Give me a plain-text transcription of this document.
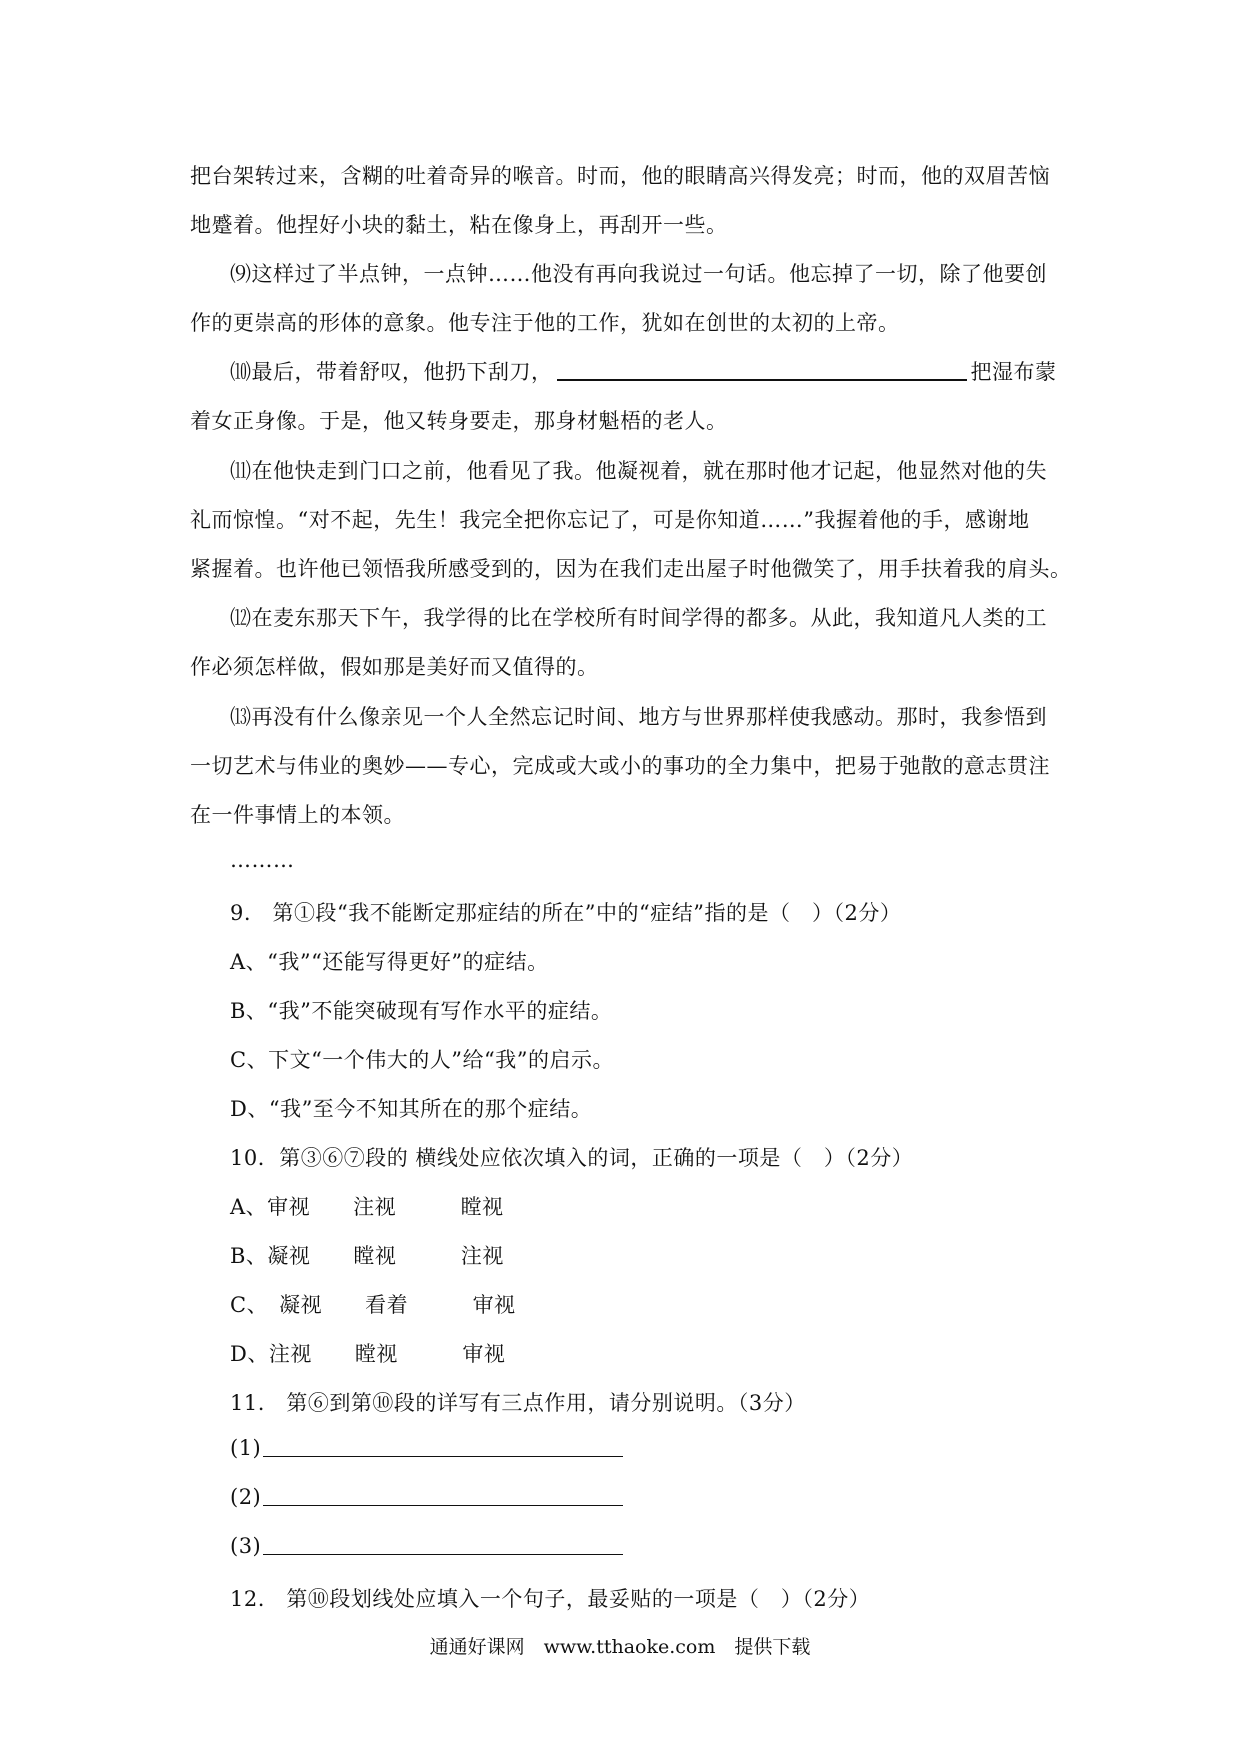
把台架转过来，含糊的吐着奇异的喉音。时而，他的眼睛高兴得发亮；时而，他的双眉苦恼
地蹙着。他捏好小块的黏土，粘在像身上，再刮开一些。
⑼这样过了半点钟，一点钟……他没有再向我说过一句话。他忘掉了一切，除了他要创
作的更崇高的形体的意象。他专注于他的工作，犹如在创世的太初的上帝。
⑽最后，带着舒叹，他扔下刮刀，	把湿布蒙
着女正身像。于是，他又转身要走，那身材魁梧的老人。
⑾在他快走到门口之前，他看见了我。他凝视着，就在那时他才记起，他显然对他的失
礼而惊惶。“对不起，先生！我完全把你忘记了，可是你知道……”我握着他的手，感谢地
紧握着。也许他已领悟我所感受到的，因为在我们走出屋子时他微笑了，用手扶着我的肩头。
⑿在麦东那天下午，我学得的比在学校所有时间学得的都多。从此，我知道凡人类的工
作必须怎样做，假如那是美好而又值得的。
⒀再没有什么像亲见一个人全然忘记时间、地方与世界那样使我感动。那时，我参悟到
一切艺术与伟业的奥妙——专心，完成或大或小的事功的全力集中，把易于弛散的意志贯注
在一件事情上的本领。
………
9.　第①段“我不能断定那症结的所在”中的“症结”指的是（　）（2分）
A、“我”“还能写得更好”的症结。
B、“我”不能突破现有写作水平的症结。
C、下文“一个伟大的人”给“我”的启示。
D、“我”至今不知其所在的那个症结。
10．第③⑥⑦段的 横线处应依次填入的词，正确的一项是（　）（2分）
A、审视　　注视　　　瞠视
B、凝视　　瞠视　　　注视
C、　凝视　　看着　　　审视
D、注视　　瞠视　　　审视
11.　第⑥到第⑩段的详写有三点作用，请分别说明。（3分）
(1)
(2)
(3)
12.　第⑩段划线处应填入一个句子，最妥贴的一项是（　）（2分）
通通好课网　www.tthaoke.com　提供下载
